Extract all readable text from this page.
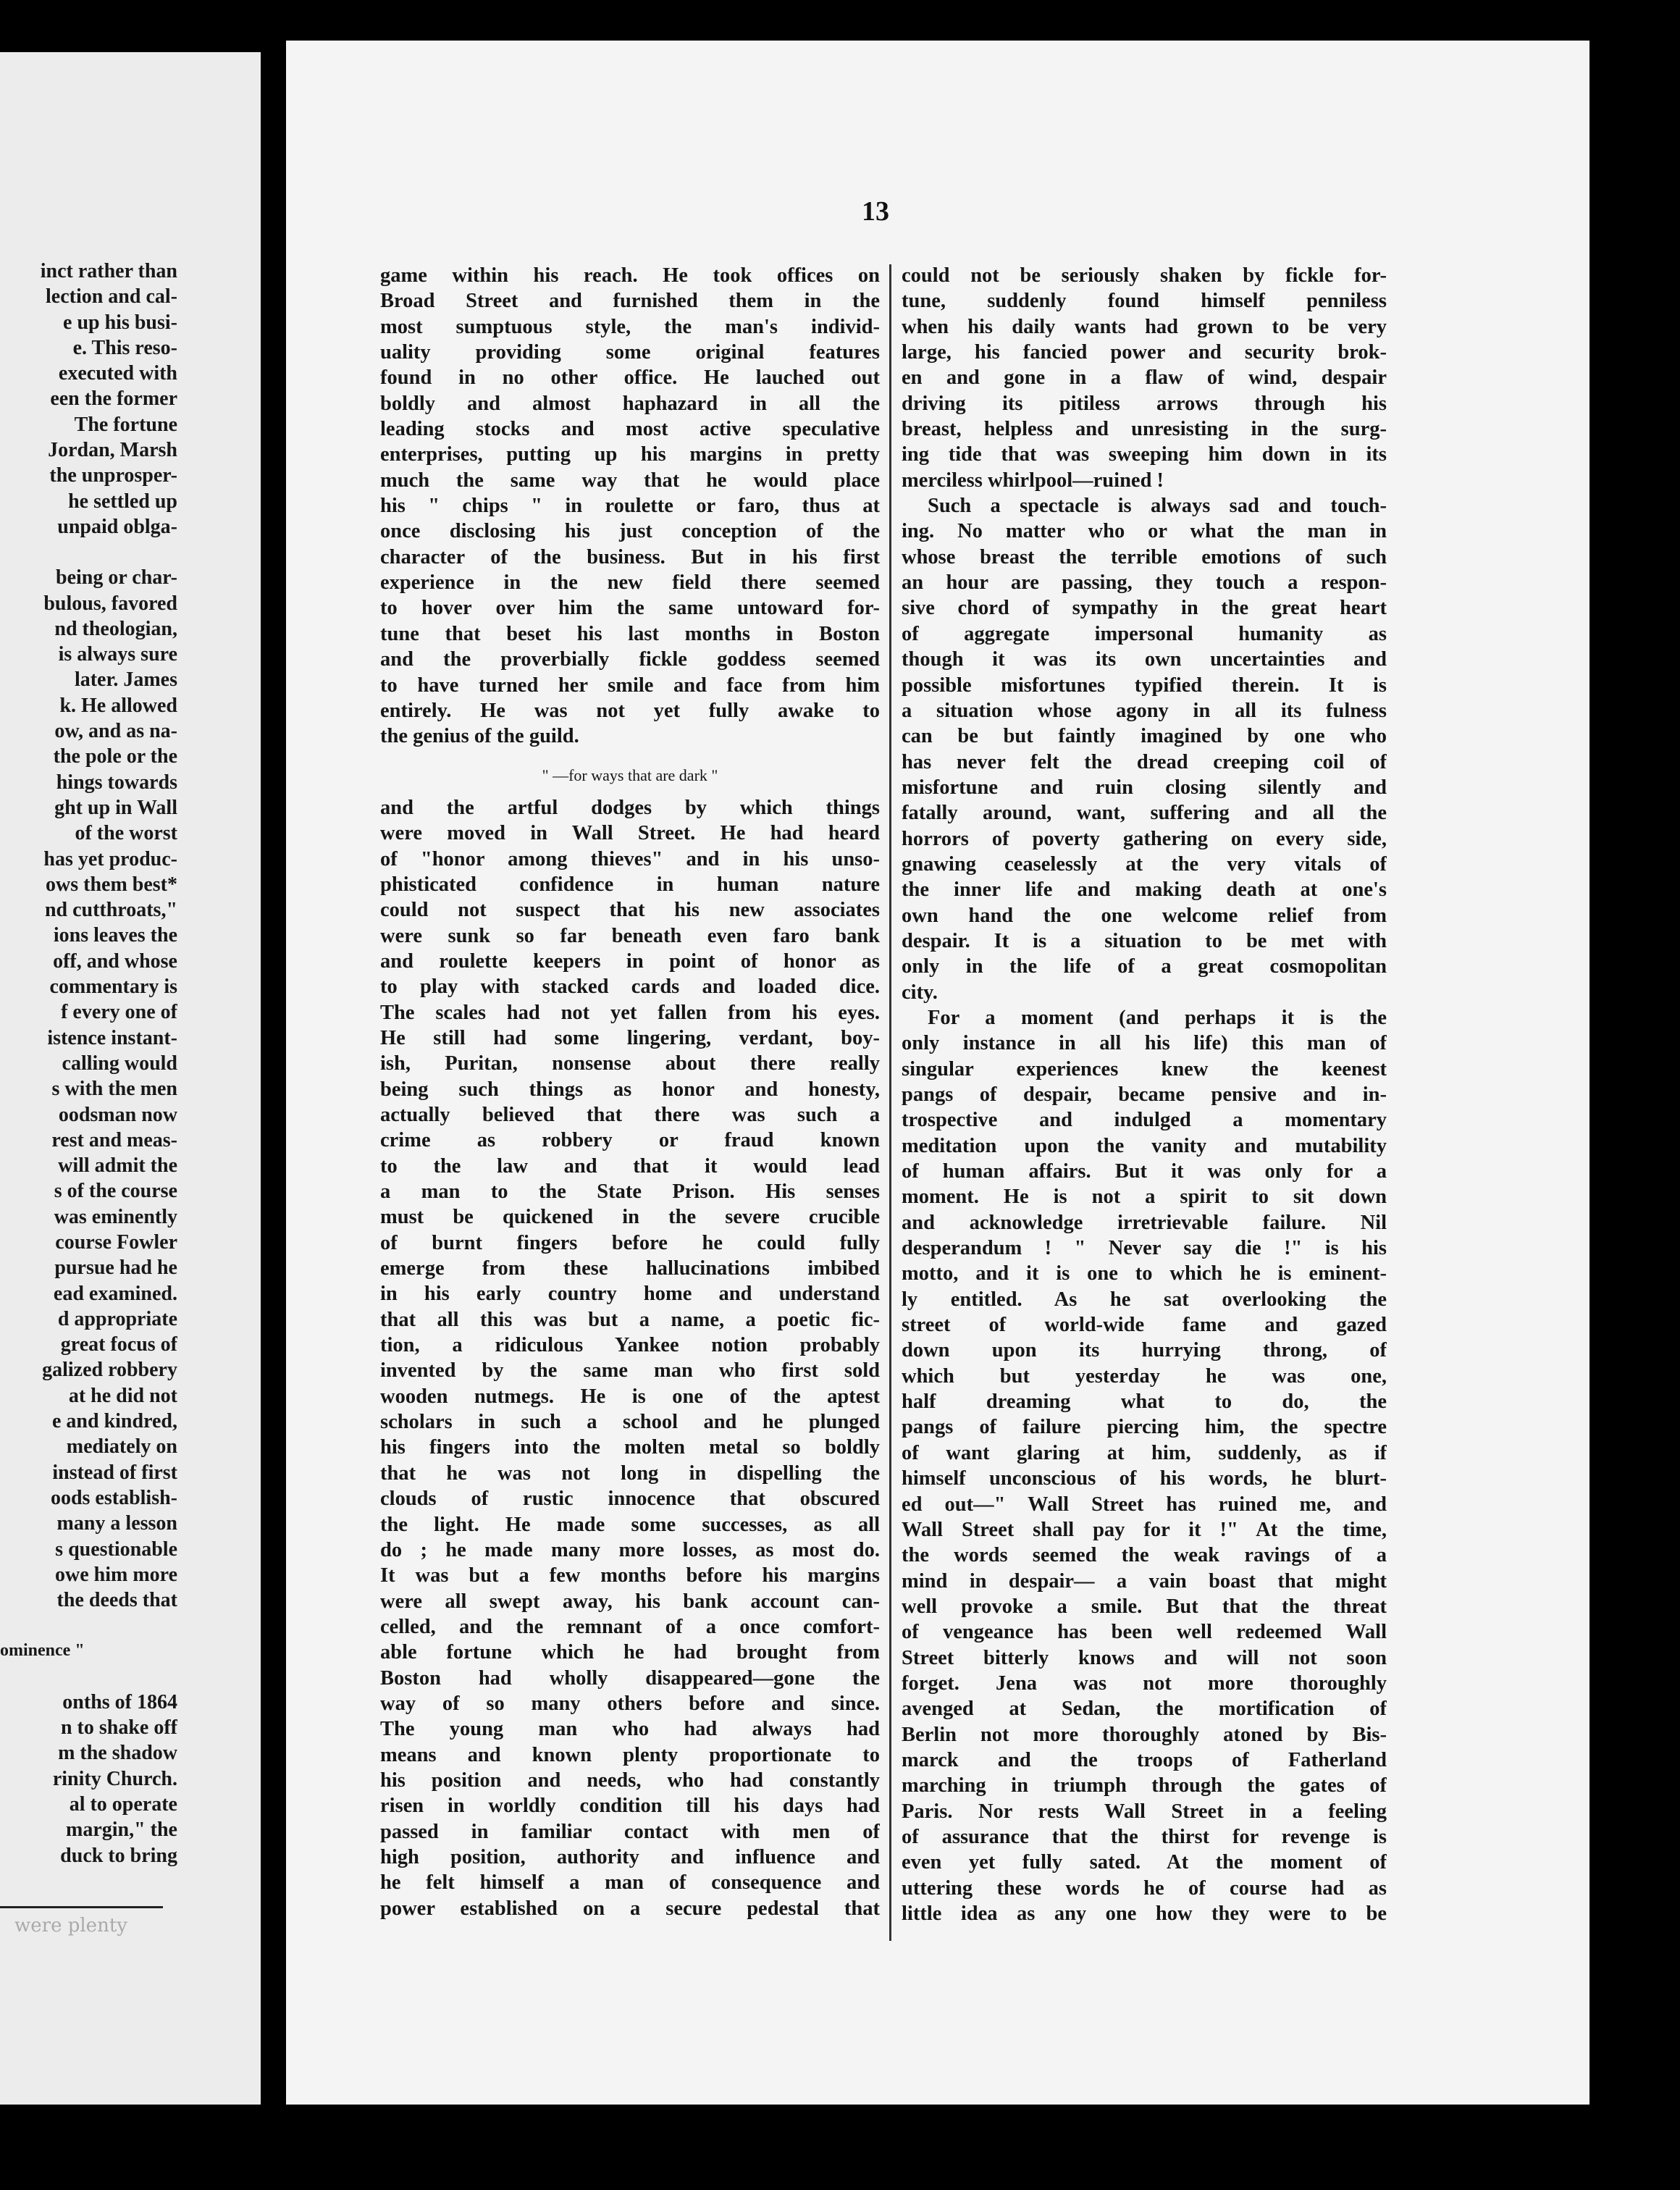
inct rather than
lection and cal-
e up his busi-
e. This reso-
executed with
een the former
The fortune
Jordan, Marsh
the unprosper-
he settled up
unpaid oblga-
being or char-
bulous, favored
nd theologian,
is always sure
later. James
k. He allowed
ow, and as na-
the pole or the
hings towards
ght up in Wall
of the worst
has yet produc-
ows them best*
nd cutthroats,"
ions leaves the
off, and whose
commentary is
f every one of
istence instant-
calling would
s with the men
oodsman now
rest and meas-
will admit the
s of the course
was eminently
course Fowler
pursue had he
ead examined.
d appropriate
great focus of
galized robbery
at he did not
e and kindred,
mediately on
instead of first
oods establish-
many a lesson
s questionable
owe him more
the deeds that
ominence "
onths of 1864
n to shake off
m the shadow
rinity Church.
al to operate
margin," the
duck to bring
were plenty
13
game within his reach. He took offices on
Broad Street and furnished them in the
most sumptuous style, the man's individ-
uality providing some original features
found in no other office. He lauched out
boldly and almost haphazard in all the
leading stocks and most active speculative
enterprises, putting up his margins in pretty
much the same way that he would place
his " chips " in roulette or faro, thus at
once disclosing his just conception of the
character of the business. But in his first
experience in the new field there seemed
to hover over him the same untoward for-
tune that beset his last months in Boston
and the proverbially fickle goddess seemed
to have turned her smile and face from him
entirely. He was not yet fully awake to
the genius of the guild.
" —for ways that are dark "
and the artful dodges by which things
were moved in Wall Street. He had heard
of "honor among thieves" and in his unso-
phisticated confidence in human nature
could not suspect that his new associates
were sunk so far beneath even faro bank
and roulette keepers in point of honor as
to play with stacked cards and loaded dice.
The scales had not yet fallen from his eyes.
He still had some lingering, verdant, boy-
ish, Puritan, nonsense about there really
being such things as honor and honesty,
actually believed that there was such a
crime as robbery or fraud known
to the law and that it would lead
a man to the State Prison. His senses
must be quickened in the severe crucible
of burnt fingers before he could fully
emerge from these hallucinations imbibed
in his early country home and understand
that all this was but a name, a poetic fic-
tion, a ridiculous Yankee notion probably
invented by the same man who first sold
wooden nutmegs. He is one of the aptest
scholars in such a school and he plunged
his fingers into the molten metal so boldly
that he was not long in dispelling the
clouds of rustic innocence that obscured
the light. He made some successes, as all
do ; he made many more losses, as most do.
It was but a few months before his margins
were all swept away, his bank account can-
celled, and the remnant of a once comfort-
able fortune which he had brought from
Boston had wholly disappeared—gone the
way of so many others before and since.
The young man who had always had
means and known plenty proportionate to
his position and needs, who had constantly
risen in worldly condition till his days had
passed in familiar contact with men of
high position, authority and influence and
he felt himself a man of consequence and
power established on a secure pedestal that
could not be seriously shaken by fickle for-
tune, suddenly found himself penniless
when his daily wants had grown to be very
large, his fancied power and security brok-
en and gone in a flaw of wind, despair
driving its pitiless arrows through his
breast, helpless and unresisting in the surg-
ing tide that was sweeping him down in its
merciless whirlpool—ruined !
Such a spectacle is always sad and touch-
ing. No matter who or what the man in
whose breast the terrible emotions of such
an hour are passing, they touch a respon-
sive chord of sympathy in the great heart
of aggregate impersonal humanity as
though it was its own uncertainties and
possible misfortunes typified therein. It is
a situation whose agony in all its fulness
can be but faintly imagined by one who
has never felt the dread creeping coil of
misfortune and ruin closing silently and
fatally around, want, suffering and all the
horrors of poverty gathering on every side,
gnawing ceaselessly at the very vitals of
the inner life and making death at one's
own hand the one welcome relief from
despair. It is a situation to be met with
only in the life of a great cosmopolitan
city.
For a moment (and perhaps it is the
only instance in all his life) this man of
singular experiences knew the keenest
pangs of despair, became pensive and in-
trospective and indulged a momentary
meditation upon the vanity and mutability
of human affairs. But it was only for a
moment. He is not a spirit to sit down
and acknowledge irretrievable failure. Nil
desperandum ! " Never say die !" is his
motto, and it is one to which he is eminent-
ly entitled. As he sat overlooking the
street of world-wide fame and gazed
down upon its hurrying throng, of
which but yesterday he was one,
half dreaming what to do, the
pangs of failure piercing him, the spectre
of want glaring at him, suddenly, as if
himself unconscious of his words, he blurt-
ed out—" Wall Street has ruined me, and
Wall Street shall pay for it !" At the time,
the words seemed the weak ravings of a
mind in despair— a vain boast that might
well provoke a smile. But that the threat
of vengeance has been well redeemed Wall
Street bitterly knows and will not soon
forget. Jena was not more thoroughly
avenged at Sedan, the mortification of
Berlin not more thoroughly atoned by Bis-
marck and the troops of Fatherland
marching in triumph through the gates of
Paris. Nor rests Wall Street in a feeling
of assurance that the thirst for revenge is
even yet fully sated. At the moment of
uttering these words he of course had as
little idea as any one how they were to be
